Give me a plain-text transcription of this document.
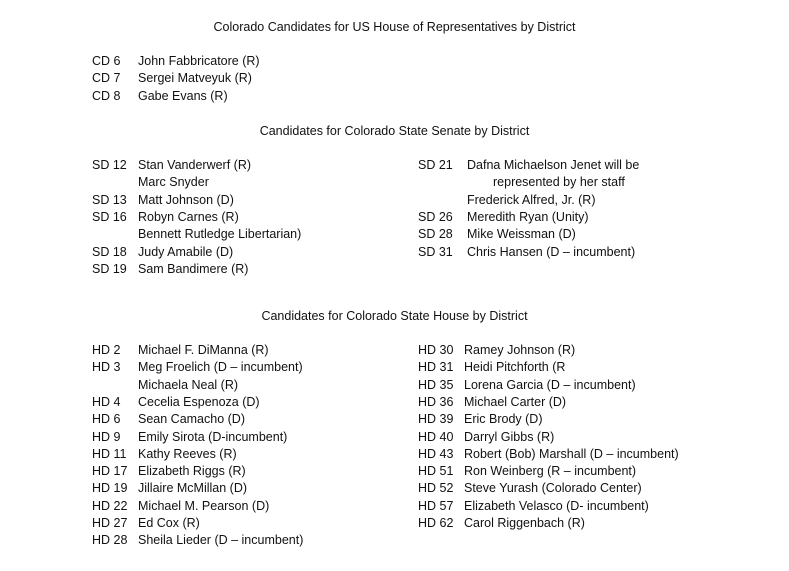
Colorado Candidates for US House of Representatives by District
Candidates for Colorado State Senate by District
Candidates for Colorado State House by District
CD 6 John Fabbricatore (R)
CD 7 Sergei Matveyuk (R)
CD 8 Gabe Evans (R)
SD 12 Stan Vanderwerf (R)
Marc Snyder
SD 13 Matt Johnson (D)
SD 16 Robyn Carnes (R)
Bennett Rutledge Libertarian)
SD 18 Judy Amabile (D)
SD 19 Sam Bandimere (R)
SD 21 Dafna Michaelson Jenet will be
represented by her staff
Frederick Alfred, Jr. (R)
SD 26 Meredith Ryan (Unity)
SD 28 Mike Weissman (D)
SD 31 Chris Hansen (D – incumbent)
HD 2 Michael F. DiManna (R)
HD 3 Meg Froelich (D – incumbent)
Michaela Neal (R)
HD 4 Cecelia Espenoza (D)
HD 6 Sean Camacho (D)
HD 9 Emily Sirota (D-incumbent)
HD 11 Kathy Reeves (R)
HD 17 Elizabeth Riggs (R)
HD 19 Jillaire McMillan (D)
HD 22 Michael M. Pearson (D)
HD 27 Ed Cox (R)
HD 28 Sheila Lieder (D – incumbent)
HD 30 Ramey Johnson (R)
HD 31 Heidi Pitchforth (R
HD 35 Lorena Garcia (D – incumbent)
HD 36 Michael Carter (D)
HD 39 Eric Brody (D)
HD 40 Darryl Gibbs (R)
HD 43 Robert (Bob) Marshall (D – incumbent)
HD 51 Ron Weinberg (R – incumbent)
HD 52 Steve Yurash (Colorado Center)
HD 57 Elizabeth Velasco (D- incumbent)
HD 62 Carol Riggenbach (R)
